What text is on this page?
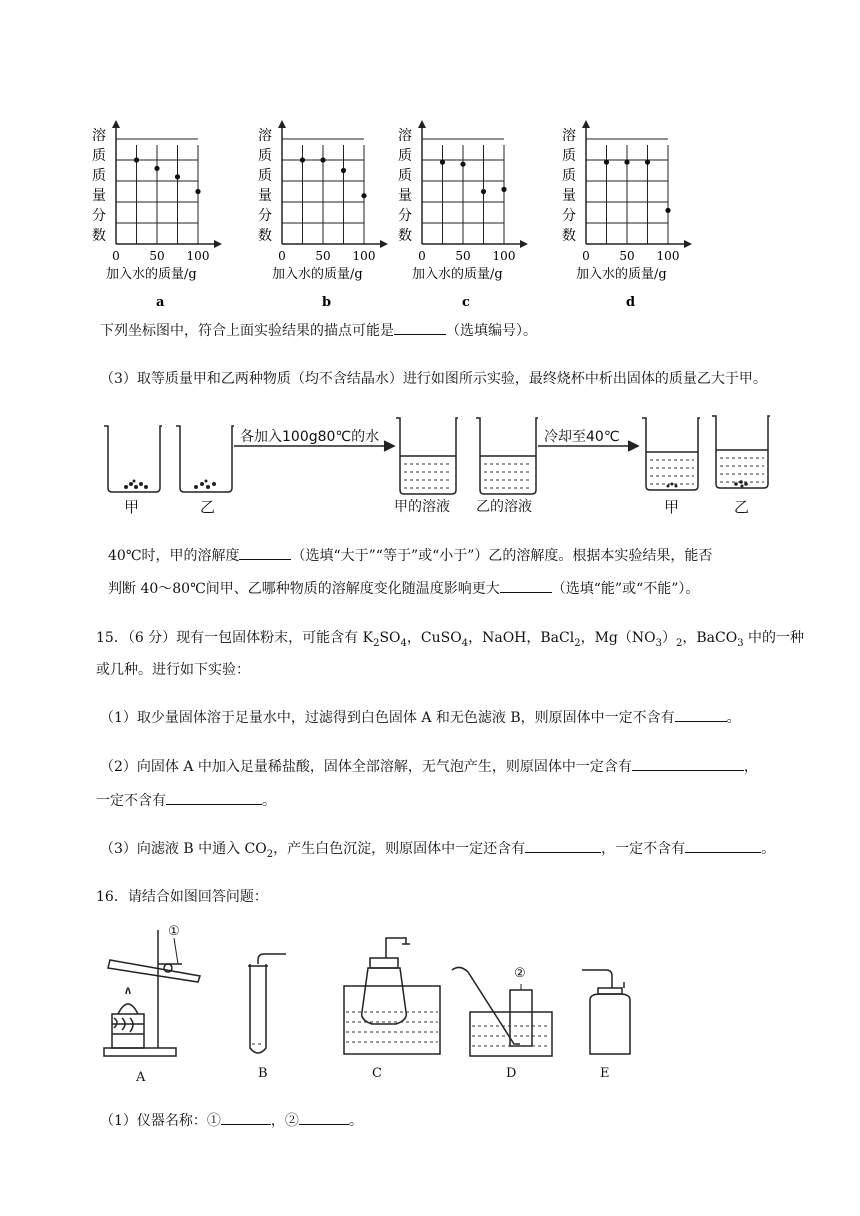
溶
质
质
量
分
数
0 50 100
加入水的质量/g
a
溶
质
质
量
分
数
0 50 100
加入水的质量/g
b
溶
质
质
量
分
数
0 50 100
加入水的质量/g
c
溶
质
质
量
分
数
0 50 100
加入水的质量/g
d
下列坐标图中，符合上面实验结果的描点可能是	（选填编号）。
（3）取等质量甲和乙两种物质（均不含结晶水）进行如图所示实验，最终烧杯中析出固体的质量乙大于甲。
甲	乙
各加入100g80℃的水
甲的溶液 乙的溶液
冷却至40℃
甲	乙
40℃时，甲的溶解度	（选填“大于”“等于”或“小于”）乙的溶解度。根据本实验结果，能否
判断 40～80℃间甲、乙哪种物质的溶解度变化随温度影响更大	（选填“能”或“不能”）。
15．（6 分）现有一包固体粉末，可能含有 $K_2SO_4$，CuSO$_4$，NaOH，BaCl$_2$，$Mg(NO_3)_2$，BaCO$_3$ 中的一种
或几种。进行如下实验：
（1）取少量固体溶于足量水中，过滤得到白色固体 A 和无色滤液 B，则原固体中一定不含有	。
（2）向固体 A 中加入足量稀盐酸，固体全部溶解，无气泡产生，则原固体中一定含有	，
一定不含有	。
（3）向滤液 B 中通入 $CO_2$，产生白色沉淀，则原固体中一定还含有	，一定不含有	。
16．请结合如图回答问题：
①
②
A	B	C	D	E
（1）仪器名称：①	，②	。
